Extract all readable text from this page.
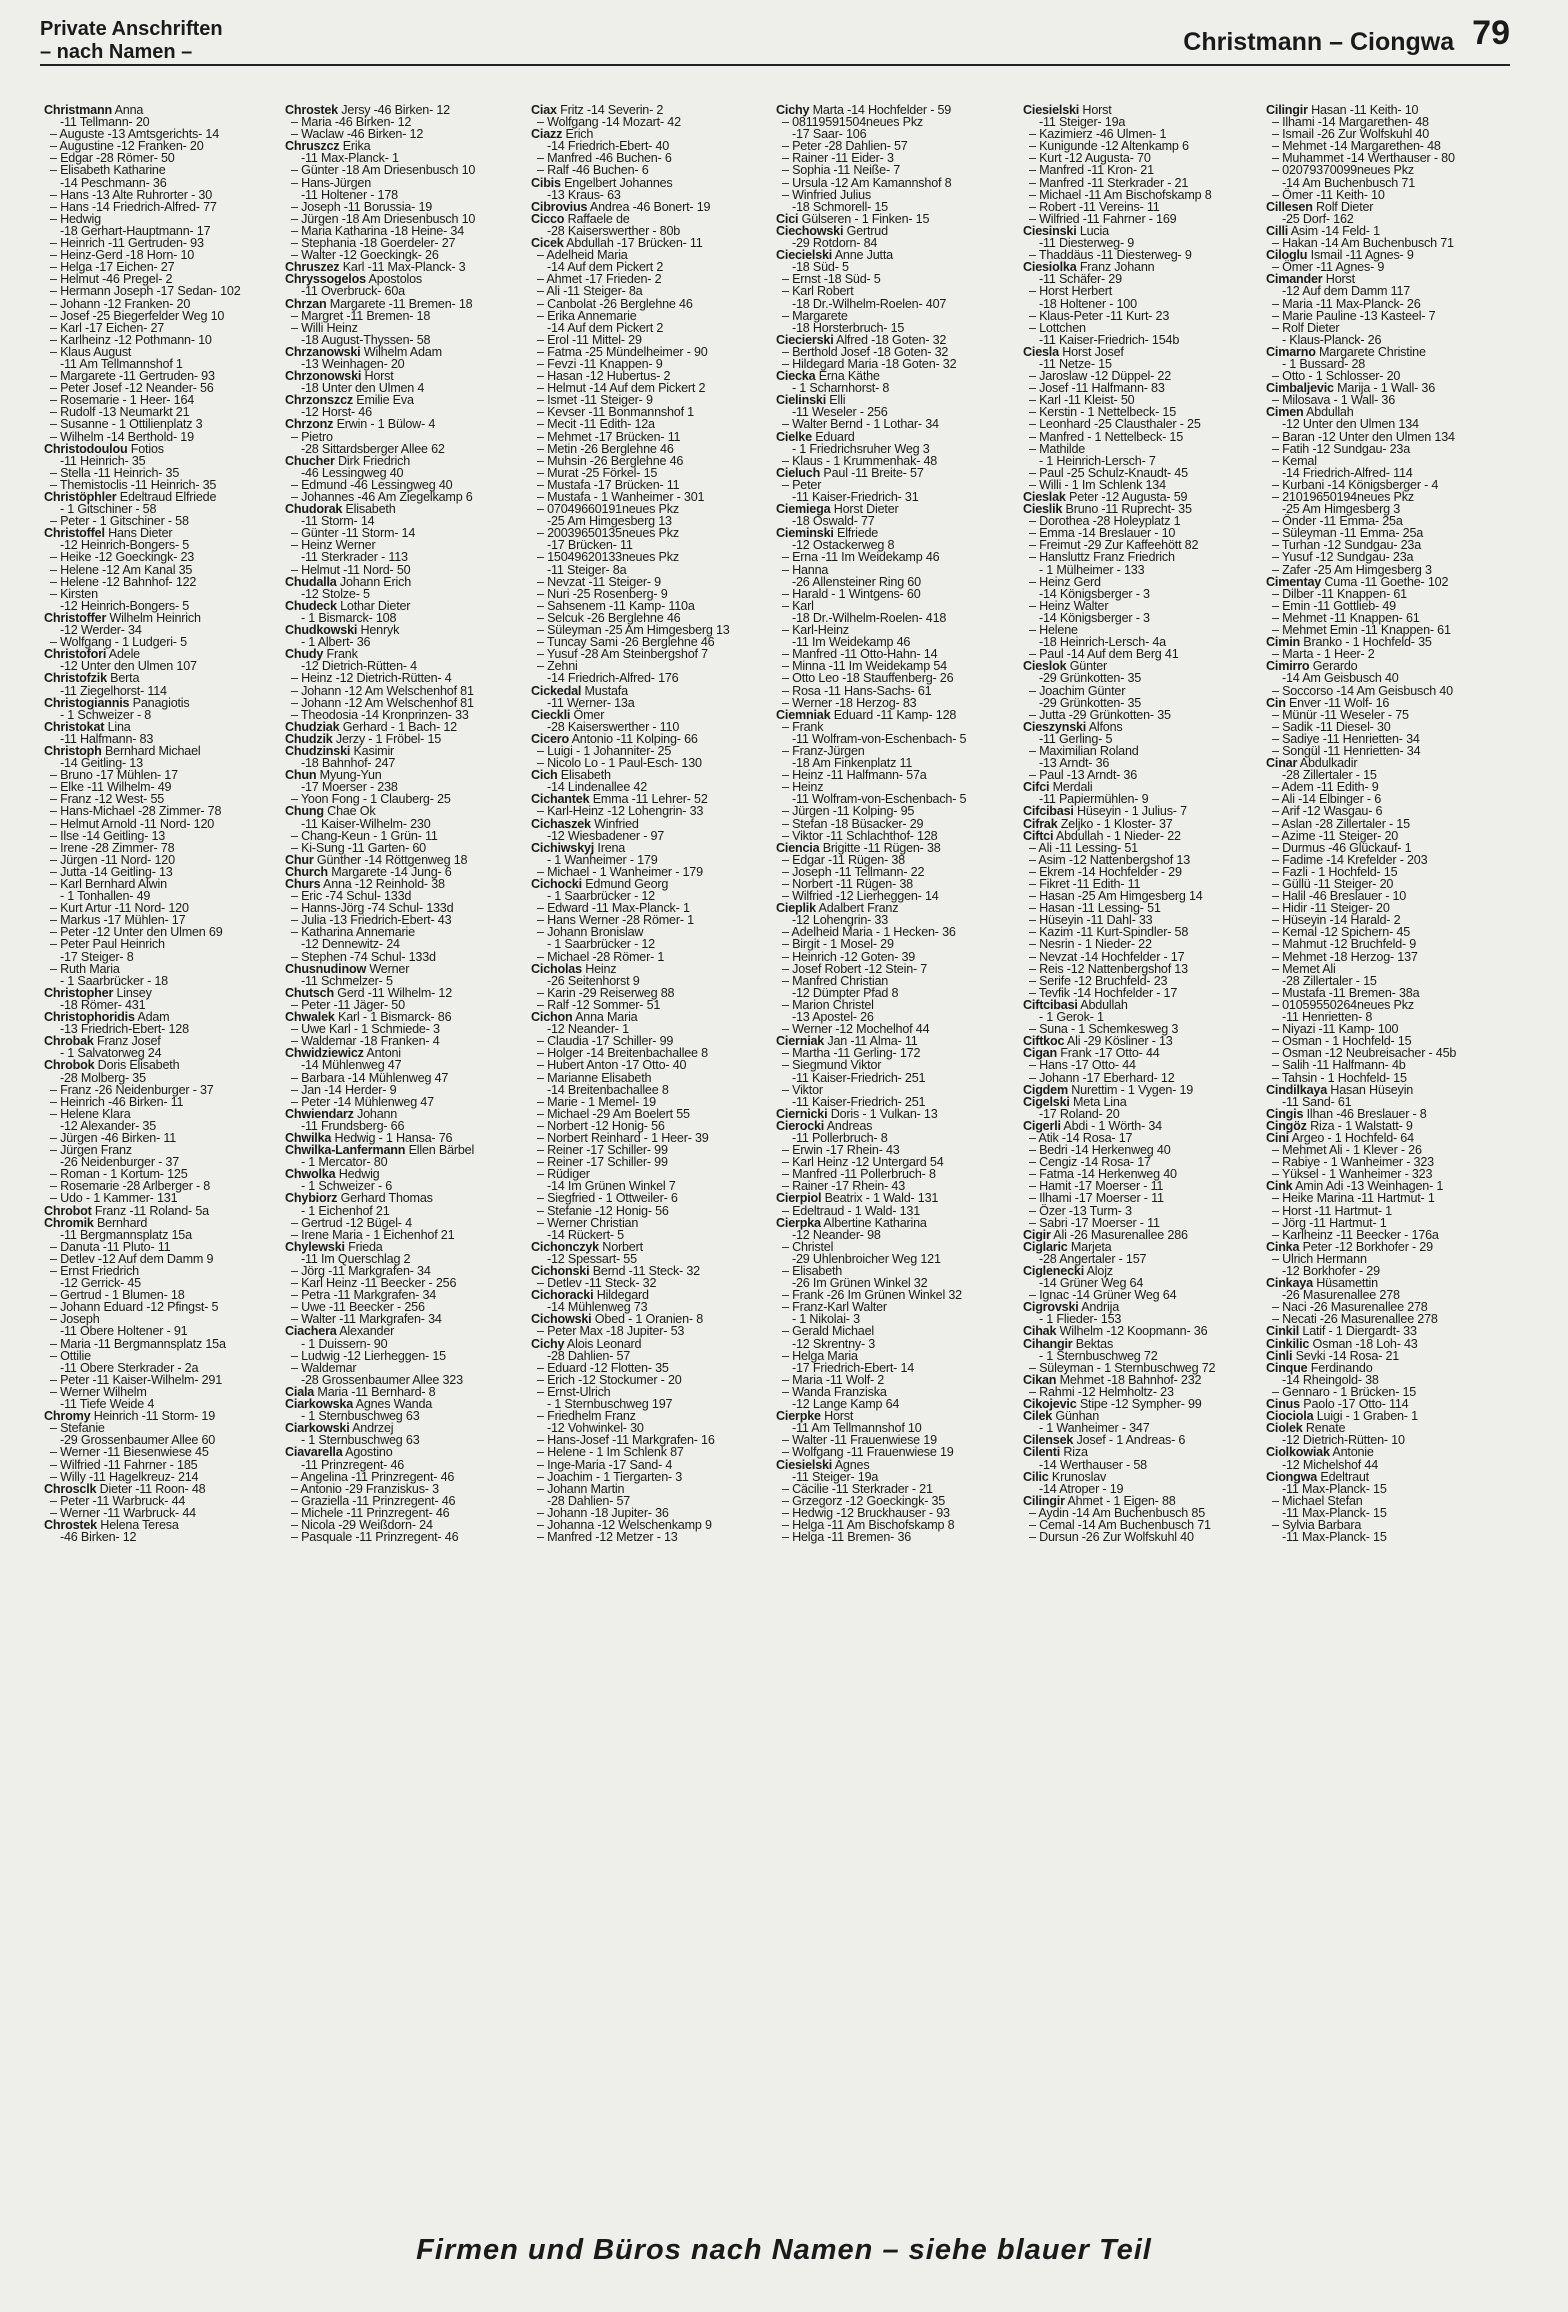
Private Anschriften
– nach Namen –	Christmann – Ciongwa 79
Christmann Anna
-11 Tellmann- 20
– Auguste -13 Amtsgerichts- 14
– Augustine -12 Franken- 20
– Edgar -28 Römer- 50
– Elisabeth Katharine
-14 Peschmann- 36
– Hans -13 Alte Ruhrorter - 30
– Hans -14 Friedrich-Alfred- 77
– Hedwig
-18 Gerhart-Hauptmann- 17
– Heinrich -11 Gertruden- 93
– Heinz-Gerd -18 Horn- 10
– Helga -17 Eichen- 27
– Helmut -46 Pregel- 2
– Hermann Joseph -17 Sedan- 102
– Johann -12 Franken- 20
– Josef -25 Biegerfelder Weg 10
– Karl -17 Eichen- 27
– Karlheinz -12 Pothmann- 10
– Klaus August
-11 Am Tellmannshof 1
– Margarete -11 Gertruden- 93
– Peter Josef -12 Neander- 56
– Rosemarie - 1 Heer- 164
– Rudolf -13 Neumarkt 21
– Susanne - 1 Ottilienplatz 3
– Wilhelm -14 Berthold- 19
Christodoulou Fotios
-11 Heinrich- 35
– Stella -11 Heinrich- 35
– Themistoclis -11 Heinrich- 35
Christöphler Edeltraud Elfriede
- 1 Gitschiner - 58
– Peter - 1 Gitschiner - 58
Christoffel Hans Dieter
-12 Heinrich-Bongers- 5
– Heike -12 Goeckingk- 23
– Helene -12 Am Kanal 35
– Helene -12 Bahnhof- 122
– Kirsten
-12 Heinrich-Bongers- 5
Christoffer Wilhelm Heinrich
-12 Werder- 34
– Wolfgang - 1 Ludgeri- 5
Christofori Adele
-12 Unter den Ulmen 107
Christofzik Berta
-11 Ziegelhorst- 114
Christogiannis Panagiotis
- 1 Schweizer - 8
Christokat Lina
-11 Halfmann- 83
Christoph Bernhard Michael
-14 Geitling- 13
– Bruno -17 Mühlen- 17
– Elke -11 Wilhelm- 49
– Franz -12 West- 55
– Hans-Michael -28 Zimmer- 78
– Helmut Arnold -11 Nord- 120
– Ilse -14 Geitling- 13
– Irene -28 Zimmer- 78
– Jürgen -11 Nord- 120
– Jutta -14 Geitling- 13
– Karl Bernhard Alwin
- 1 Tonhallen- 49
– Kurt Artur -11 Nord- 120
– Markus -17 Mühlen- 17
– Peter -12 Unter den Ulmen 69
– Peter Paul Heinrich
-17 Steiger- 8
– Ruth Maria
- 1 Saarbrücker - 18
Christopher Linsey
-18 Römer- 431
Christophoridis Adam
-13 Friedrich-Ebert- 128
Chrobak Franz Josef
- 1 Salvatorweg 24
Chrobok Doris Elisabeth
-28 Molberg- 35
– Franz -26 Neidenburger - 37
– Heinrich -46 Birken- 11
– Helene Klara
-12 Alexander- 35
– Jürgen -46 Birken- 11
– Jürgen Franz
-26 Neidenburger - 37
– Roman - 1 Kortum- 125
– Rosemarie -28 Arlberger - 8
– Udo - 1 Kammer- 131
Chrobot Franz -11 Roland- 5a
Chromik Bernhard
-11 Bergmannsplatz 15a
– Danuta -11 Pluto- 11
– Detlev -12 Auf dem Damm 9
– Ernst Friedrich
-12 Gerrick- 45
– Gertrud - 1 Blumen- 18
– Johann Eduard -12 Pfingst- 5
– Joseph
-11 Obere Holtener - 91
– Maria -11 Bergmannsplatz 15a
– Ottilie
-11 Obere Sterkrader - 2a
– Peter -11 Kaiser-Wilhelm- 291
– Werner Wilhelm
-11 Tiefe Weide 4
Chromy Heinrich -11 Storm- 19
– Stefanie
-29 Grossenbaumer Allee 60
– Werner -11 Biesenwiese 45
– Wilfried -11 Fahrner - 185
– Willy -11 Hagelkreuz- 214
Chrosclk Dieter -11 Roon- 48
– Peter -11 Warbruck- 44
– Werner -11 Warbruck- 44
Chrostek Helena Teresa
-46 Birken- 12
Chrostek Jersy -46 Birken- 12
– Maria -46 Birken- 12
– Waclaw -46 Birken- 12
Chruszcz Erika
-11 Max-Planck- 1
– Günter -18 Am Driesenbusch 10
– Hans-Jürgen
-11 Holtener - 178
– Joseph -11 Borussia- 19
– Jürgen -18 Am Driesenbusch 10
– Maria Katharina -18 Heine- 34
– Stephania -18 Goerdeler- 27
– Walter -12 Goeckingk- 26
Chruszez Karl -11 Max-Planck- 3
Chryssogelos Apostolos
-11 Overbruck- 60a
Chrzan Margarete -11 Bremen- 18
– Margret -11 Bremen- 18
– Willi Heinz
-18 August-Thyssen- 58
Chrzanowski Wilhelm Adam
-13 Weinhagen- 20
Chrzonowski Horst
-18 Unter den Ulmen 4
Chrzonszcz Emilie Eva
-12 Horst- 46
Chrzonz Erwin - 1 Bülow- 4
– Pietro
-28 Sittardsberger Allee 62
Chucher Dirk Friedrich
-46 Lessingweg 40
– Edmund -46 Lessingweg 40
– Johannes -46 Am Ziegelkamp 6
Chudorak Elisabeth
-11 Storm- 14
– Günter -11 Storm- 14
– Heinz Werner
-11 Sterkrader - 113
– Helmut -11 Nord- 50
Chudalla Johann Erich
-12 Stolze- 5
Chudeck Lothar Dieter
- 1 Bismarck- 108
Chudkowski Henryk
- 1 Albert- 36
Chudy Frank
-12 Dietrich-Rütten- 4
– Heinz -12 Dietrich-Rütten- 4
– Johann -12 Am Welschenhof 81
– Johann -12 Am Welschenhof 81
– Theodosia -14 Kronprinzen- 33
Chudziak Gerhard - 1 Bach- 12
Chudzik Jerzy - 1 Fröbel- 15
Chudzinski Kasimir
-18 Bahnhof- 247
Chun Myung-Yun
-17 Moerser - 238
– Yoon Fong - 1 Clauberg- 25
Chung Chae Ok
-11 Kaiser-Wilhelm- 230
– Chang-Keun - 1 Grün- 11
– Ki-Sung -11 Garten- 60
Chur Günther -14 Röttgenweg 18
Church Margarete -14 Jung- 6
Churs Anna -12 Reinhold- 38
– Eric -74 Schul- 133d
– Hanns-Jörg -74 Schul- 133d
– Julia -13 Friedrich-Ebert- 43
– Katharina Annemarie
-12 Dennewitz- 24
– Stephen -74 Schul- 133d
Chusnudinow Werner
-11 Schmelzer- 5
Chutsch Gerd -11 Wilhelm- 12
– Peter -11 Jäger- 50
Chwalek Karl - 1 Bismarck- 86
– Uwe Karl - 1 Schmiede- 3
– Waldemar -18 Franken- 4
Chwidziewicz Antoni
-14 Mühlenweg 47
– Barbara -14 Mühlenweg 47
– Jan -14 Herder- 9
– Peter -14 Mühlenweg 47
Chwiendarz Johann
-11 Frundsberg- 66
Chwilka Hedwig - 1 Hansa- 76
Chwilka-Lanfermann Ellen Bärbel
- 1 Mercator- 80
Chwolka Hedwig
- 1 Schweizer - 6
Chybiorz Gerhard Thomas
- 1 Eichenhof 21
– Gertrud -12 Bügel- 4
– Irene Maria - 1 Eichenhof 21
Chylewski Frieda
-11 Im Querschlag 2
– Jörg -11 Markgrafen- 34
– Karl Heinz -11 Beecker - 256
– Petra -11 Markgrafen- 34
– Uwe -11 Beecker - 256
– Walter -11 Markgrafen- 34
Ciachera Alexander
- 1 Duissern- 90
– Ludwig -12 Lierheggen- 15
– Waldemar
-28 Grossenbaumer Allee 323
Ciala Maria -11 Bernhard- 8
Ciarkowska Agnes Wanda
- 1 Sternbuschweg 63
Ciarkowski Andrzej
- 1 Sternbuschweg 63
Ciavarella Agostino
-11 Prinzregent- 46
– Angelina -11 Prinzregent- 46
– Antonio -29 Franziskus- 3
– Graziella -11 Prinzregent- 46
– Michele -11 Prinzregent- 46
– Nicola -29 Weißdorn- 24
– Pasquale -11 Prinzregent- 46
Ciax Fritz -14 Severin- 2
– Wolfgang -14 Mozart- 42
Ciazz Erich
-14 Friedrich-Ebert- 40
– Manfred -46 Buchen- 6
– Ralf -46 Buchen- 6
Cibis Engelbert Johannes
-13 Kraus- 63
Cibrovius Andrea -46 Bonert- 19
Cicco Raffaele de
-28 Kaiserswerther - 80b
Cicek Abdullah -17 Brücken- 11
– Adelheid Maria
-14 Auf dem Pickert 2
– Ahmet -17 Frieden- 2
– Ali -11 Steiger- 8a
– Canbolat -26 Berglehne 46
– Erika Annemarie
-14 Auf dem Pickert 2
– Erol -11 Mittel- 29
– Fatma -25 Mündelheimer - 90
– Fevzi -11 Knappen- 9
– Hasan -12 Hubertus- 2
– Helmut -14 Auf dem Pickert 2
– Ismet -11 Steiger- 9
– Kevser -11 Bonmannshof 1
– Mecit -11 Edith- 12a
– Mehmet -17 Brücken- 11
– Metin -26 Berglehne 46
– Muhsin -26 Berglehne 46
– Murat -25 Förkel- 15
– Mustafa -17 Brücken- 11
– Mustafa - 1 Wanheimer - 301
– 07049660191neues Pkz
-25 Am Himgesberg 13
– 20039650135neues Pkz
-17 Brücken- 11
– 15049620133neues Pkz
-11 Steiger- 8a
– Nevzat -11 Steiger- 9
– Nuri -25 Rosenberg- 9
– Sahsenem -11 Kamp- 110a
– Selcuk -26 Berglehne 46
– Süleyman -25 Am Himgesberg 13
– Tuncay Sami -26 Berglehne 46
– Yusuf -28 Am Steinbergshof 7
– Zehni
-14 Friedrich-Alfred- 176
Cickedal Mustafa
-11 Werner- 13a
Cieckli Ömer
-28 Kaiserswerther - 110
Cicero Antonio -11 Kolping- 66
– Luigi - 1 Johanniter- 25
– Nicolo Lo - 1 Paul-Esch- 130
Cich Elisabeth
-14 Lindenallee 42
Cichantek Emma -11 Lehrer- 52
– Karl-Heinz -12 Lohengrin- 33
Cichaszek Winfried
-12 Wiesbadener - 97
Cichiwskyj Irena
- 1 Wanheimer - 179
– Michael - 1 Wanheimer - 179
Cichocki Edmund Georg
- 1 Saarbrücker - 12
– Edward -11 Max-Planck- 1
– Hans Werner -28 Römer- 1
– Johann Bronislaw
- 1 Saarbrücker - 12
– Michael -28 Römer- 1
Cicholas Heinz
-26 Seitenhorst 9
– Karin -29 Reiserweg 88
– Ralf -12 Sommer- 51
Cichon Anna Maria
-12 Neander- 1
– Claudia -17 Schiller- 99
– Holger -14 Breitenbachallee 8
– Hubert Anton -17 Otto- 40
– Marianne Elisabeth
-14 Breitenbachallee 8
– Marie - 1 Memel- 19
– Michael -29 Am Boelert 55
– Norbert -12 Honig- 56
– Norbert Reinhard - 1 Heer- 39
– Reiner -17 Schiller- 99
– Reiner -17 Schiller- 99
– Rüdiger
-14 Im Grünen Winkel 7
– Siegfried - 1 Ottweiler- 6
– Stefanie -12 Honig- 56
– Werner Christian
-14 Rückert- 5
Cichonczyk Norbert
-12 Spessart- 55
Cichonski Bernd -11 Steck- 32
– Detlev -11 Steck- 32
Cichoracki Hildegard
-14 Mühlenweg 73
Cichowski Obed - 1 Oranien- 8
– Peter Max -18 Jupiter- 53
Cichy Alois Leonard
-28 Dahlien- 57
– Eduard -12 Flotten- 35
– Erich -12 Stockumer - 20
– Ernst-Ulrich
- 1 Sternbuschweg 197
– Friedhelm Franz
-12 Vohwinkel- 30
– Hans-Josef -11 Markgrafen- 16
– Helene - 1 Im Schlenk 87
– Inge-Maria -17 Sand- 4
– Joachim - 1 Tiergarten- 3
– Johann Martin
-28 Dahlien- 57
– Johann -18 Jupiter- 36
– Johanna -12 Welschenkamp 9
– Manfred -12 Metzer - 13
Cichy Marta -14 Hochfelder - 59
– 08119591504neues Pkz
-17 Saar- 106
– Peter -28 Dahlien- 57
– Rainer -11 Eider- 3
– Sophia -11 Neiße- 7
– Ursula -12 Am Kamannshof 8
– Winfried Julius
-18 Schmorell- 15
Cici Gülseren - 1 Finken- 15
Ciechowski Gertrud
-29 Rotdorn- 84
Ciecielski Anne Jutta
-18 Süd- 5
– Ernst -18 Süd- 5
– Karl Robert
-18 Dr.-Wilhelm-Roelen- 407
– Margarete
-18 Horsterbruch- 15
Ciecierski Alfred -18 Goten- 32
– Berthold Josef -18 Goten- 32
– Hildegard Maria -18 Goten- 32
Ciecka Erna Käthe
- 1 Scharnhorst- 8
Cielinski Elli
-11 Weseler - 256
– Walter Bernd - 1 Lothar- 34
Cielke Eduard
- 1 Friedrichsruher Weg 3
– Klaus - 1 Krummenhak- 48
Cieluch Paul -11 Breite- 57
– Peter
-11 Kaiser-Friedrich- 31
Ciemiega Horst Dieter
-18 Oswald- 77
Cieminski Elfriede
-12 Ostackerweg 8
– Erna -11 Im Weidekamp 46
– Hanna
-26 Allensteiner Ring 60
– Harald - 1 Wintgens- 60
– Karl
-18 Dr.-Wilhelm-Roelen- 418
– Karl-Heinz
-11 Im Weidekamp 46
– Manfred -11 Otto-Hahn- 14
– Minna -11 Im Weidekamp 54
– Otto Leo -18 Stauffenberg- 26
– Rosa -11 Hans-Sachs- 61
– Werner -18 Herzog- 83
Ciemniak Eduard -11 Kamp- 128
– Frank
-11 Wolfram-von-Eschenbach- 5
– Franz-Jürgen
-18 Am Finkenplatz 11
– Heinz -11 Halfmann- 57a
– Heinz
-11 Wolfram-von-Eschenbach- 5
– Jürgen -11 Kolping- 95
– Stefan -18 Büsacker- 29
– Viktor -11 Schlachthof- 128
Ciencia Brigitte -11 Rügen- 38
– Edgar -11 Rügen- 38
– Joseph -11 Tellmann- 22
– Norbert -11 Rügen- 38
– Wilfried -12 Lierheggen- 14
Cieplik Adalbert Franz
-12 Lohengrin- 33
– Adelheid Maria - 1 Hecken- 36
– Birgit - 1 Mosel- 29
– Heinrich -12 Goten- 39
– Josef Robert -12 Stein- 7
– Manfred Christian
-12 Dümpter Pfad 8
– Marion Christel
-13 Apostel- 26
– Werner -12 Mochelhof 44
Cierniak Jan -11 Alma- 11
– Martha -11 Gerling- 172
– Siegmund Viktor
-11 Kaiser-Friedrich- 251
– Viktor
-11 Kaiser-Friedrich- 251
Ciernicki Doris - 1 Vulkan- 13
Cierocki Andreas
-11 Pollerbruch- 8
– Erwin -17 Rhein- 43
– Karl Heinz -12 Untergard 54
– Manfred -11 Pollerbruch- 8
– Rainer -17 Rhein- 43
Cierpiol Beatrix - 1 Wald- 131
– Edeltraud - 1 Wald- 131
Cierpka Albertine Katharina
-12 Neander- 98
– Christel
-29 Uhlenbroicher Weg 121
– Elisabeth
-26 Im Grünen Winkel 32
– Frank -26 Im Grünen Winkel 32
– Franz-Karl Walter
- 1 Nikolai- 3
– Gerald Michael
-12 Skrentny- 3
– Helga Maria
-17 Friedrich-Ebert- 14
– Maria -11 Wolf- 2
– Wanda Franziska
-12 Lange Kamp 64
Cierpke Horst
-11 Am Tellmannshof 10
– Walter -11 Frauenwiese 19
– Wolfgang -11 Frauenwiese 19
Ciesielski Agnes
-11 Steiger- 19a
– Cäcilie -11 Sterkrader - 21
– Grzegorz -12 Goeckingk- 35
– Hedwig -12 Bruckhauser - 93
– Helga -11 Am Bischofskamp 8
– Helga -11 Bremen- 36
Ciesielski Horst
-11 Steiger- 19a
– Kazimierz -46 Ulmen- 1
– Kunigunde -12 Altenkamp 6
– Kurt -12 Augusta- 70
– Manfred -11 Kron- 21
– Manfred -11 Sterkrader - 21
– Michael -11 Am Bischofskamp 8
– Robert -11 Vereins- 11
– Wilfried -11 Fahrner - 169
Ciesinski Lucia
-11 Diesterweg- 9
– Thaddäus -11 Diesterweg- 9
Ciesiolka Franz Johann
-11 Schäfer- 29
– Horst Herbert
-18 Holtener - 100
– Klaus-Peter -11 Kurt- 23
– Lottchen
-11 Kaiser-Friedrich- 154b
Ciesla Horst Josef
-11 Netze- 15
– Jaroslaw -12 Düppel- 22
– Josef -11 Halfmann- 83
– Karl -11 Kleist- 50
– Kerstin - 1 Nettelbeck- 15
– Leonhard -25 Clausthaler - 25
– Manfred - 1 Nettelbeck- 15
– Mathilde
- 1 Heinrich-Lersch- 7
– Paul -25 Schulz-Knaudt- 45
– Willi - 1 Im Schlenk 134
Cieslak Peter -12 Augusta- 59
Cieslik Bruno -11 Ruprecht- 35
– Dorothea -28 Holeyplatz 1
– Emma -14 Breslauer - 10
– Freimut -29 Zur Kaffeehött 82
– Hansluttz Franz Friedrich
- 1 Mülheimer - 133
– Heinz Gerd
-14 Königsberger - 3
– Heinz Walter
-14 Königsberger - 3
– Helene
-18 Heinrich-Lersch- 4a
– Paul -14 Auf dem Berg 41
Cieslok Günter
-29 Grünkotten- 35
– Joachim Günter
-29 Grünkotten- 35
– Jutta -29 Grünkotten- 35
Cieszynski Alfons
-11 Gerling- 5
– Maximilian Roland
-13 Arndt- 36
– Paul -13 Arndt- 36
Cifci Merdali
-11 Papiermühlen- 9
Cifcibasi Hüseyin - 1 Julius- 7
Cifrak Zeljko - 1 Kloster- 37
Ciftci Abdullah - 1 Nieder- 22
– Ali -11 Lessing- 51
– Asim -12 Nattenbergshof 13
– Ekrem -14 Hochfelder - 29
– Fikret -11 Edith- 11
– Hasan -25 Am Himgesberg 14
– Hasan -11 Lessing- 51
– Hüseyin -11 Dahl- 33
– Kazim -11 Kurt-Spindler- 58
– Nesrin - 1 Nieder- 22
– Nevzat -14 Hochfelder - 17
– Reis -12 Nattenbergshof 13
– Serife -12 Bruchfeld- 23
– Tevfik -14 Hochfelder - 17
Ciftcibasi Abdullah
- 1 Gerok- 1
– Suna - 1 Schemkesweg 3
Ciftkoc Ali -29 Kösliner - 13
Cigan Frank -17 Otto- 44
– Hans -17 Otto- 44
– Johann -17 Eberhard- 12
Cigdem Nurettim - 1 Vygen- 19
Cigelski Meta Lina
-17 Roland- 20
Cigerli Abdi - 1 Wörth- 34
– Atik -14 Rosa- 17
– Bedri -14 Herkenweg 40
– Cengiz -14 Rosa- 17
– Fatma -14 Herkenweg 40
– Hamit -17 Moerser - 11
– Ilhami -17 Moerser - 11
– Özer -13 Turm- 3
– Sabri -17 Moerser - 11
Cigir Ali -26 Masurenallee 286
Ciglaric Marjeta
-28 Angertaler - 157
Ciglenecki Alojz
-14 Grüner Weg 64
– Ignac -14 Grüner Weg 64
Cigrovski Andrija
- 1 Flieder- 153
Cihak Wilhelm -12 Koopmann- 36
Cihangir Bektas
- 1 Sternbuschweg 72
– Süleyman - 1 Sternbuschweg 72
Cikan Mehmet -18 Bahnhof- 232
– Rahmi -12 Helmholtz- 23
Cikojevic Stipe -12 Sympher- 99
Cilek Günhan
- 1 Wanheimer - 347
Cilensek Josef - 1 Andreas- 6
Cilenti Riza
-14 Werthauser - 58
Cilic Krunoslav
-14 Atroper - 19
Cilingir Ahmet - 1 Eigen- 88
– Aydin -14 Am Buchenbusch 85
– Cemal -14 Am Buchenbusch 71
– Dursun -26 Zur Wolfskuhl 40
Cilingir Hasan -11 Keith- 10
– Ilhami -14 Margarethen- 48
– Ismail -26 Zur Wolfskuhl 40
– Mehmet -14 Margarethen- 48
– Muhammet -14 Werthauser - 80
– 02079370099neues Pkz
-14 Am Buchenbusch 71
– Ömer -11 Keith- 10
Cillesen Rolf Dieter
-25 Dorf- 162
Cilli Asim -14 Feld- 1
– Hakan -14 Am Buchenbusch 71
Ciloglu Ismail -11 Agnes- 9
– Ömer -11 Agnes- 9
Cimander Horst
-12 Auf dem Damm 117
– Maria -11 Max-Planck- 26
– Marie Pauline -13 Kasteel- 7
– Rolf Dieter
- Klaus-Planck- 26
Cimarno Margarete Christine
- 1 Bussard- 28
– Otto - 1 Schlosser- 20
Cimbaljevic Marija - 1 Wall- 36
– Milosava - 1 Wall- 36
Cimen Abdullah
-12 Unter den Ulmen 134
– Baran -12 Unter den Ulmen 134
– Fatih -12 Sundgau- 23a
– Kemal
-14 Friedrich-Alfred- 114
– Kurbani -14 Königsberger - 4
– 21019650194neues Pkz
-25 Am Himgesberg 3
– Önder -11 Emma- 25a
– Süleyman -11 Emma- 25a
– Turhan -12 Sundgau- 23a
– Yusuf -12 Sundgau- 23a
– Zafer -25 Am Himgesberg 3
Cimentay Cuma -11 Goethe- 102
– Dilber -11 Knappen- 61
– Emin -11 Gottlieb- 49
– Mehmet -11 Knappen- 61
– Mehmet Emin -11 Knappen- 61
Cimin Branko - 1 Hochfeld- 35
– Marta - 1 Heer- 2
Cimirro Gerardo
-14 Am Geisbusch 40
– Soccorso -14 Am Geisbusch 40
Cin Enver -11 Wolf- 16
– Münür -11 Weseler - 75
– Sadik -11 Diesel- 30
– Sadiye -11 Henrietten- 34
– Songül -11 Henrietten- 34
Cinar Abdulkadir
-28 Zillertaler - 15
– Adem -11 Edith- 9
– Ali -14 Elbinger - 6
– Arif -12 Wasgau- 6
– Aslan -28 Zillertaler - 15
– Azime -11 Steiger- 20
– Durmus -46 Glückauf- 1
– Fadime -14 Krefelder - 203
– Fazli - 1 Hochfeld- 15
– Güllü -11 Steiger- 20
– Halil -46 Breslauer - 10
– Hidir -11 Steiger- 20
– Hüseyin -14 Harald- 2
– Kemal -12 Spichern- 45
– Mahmut -12 Bruchfeld- 9
– Mehmet -18 Herzog- 137
– Memet Ali
-28 Zillertaler - 15
– Mustafa -11 Bremen- 38a
– 01059550264neues Pkz
-11 Henrietten- 8
– Niyazi -11 Kamp- 100
– Osman - 1 Hochfeld- 15
– Osman -12 Neubreisacher - 45b
– Salih -11 Halfmann- 4b
– Tahsin - 1 Hochfeld- 15
Cindilkaya Hasan Hüseyin
-11 Sand- 61
Cingis Ilhan -46 Breslauer - 8
Cingöz Riza - 1 Walstatt- 9
Cini Argeo - 1 Hochfeld- 64
– Mehmet Ali - 1 Klever - 26
– Rabiye - 1 Wanheimer - 323
– Yüksel - 1 Wanheimer - 323
Cink Amin Adi -13 Weinhagen- 1
– Heike Marina -11 Hartmut- 1
– Horst -11 Hartmut- 1
– Jörg -11 Hartmut- 1
– Karlheinz -11 Beecker - 176a
Cinka Peter -12 Borkhofer - 29
– Ulrich Hermann
-12 Borkhofer - 29
Cinkaya Hüsamettin
-26 Masurenallee 278
– Naci -26 Masurenallee 278
– Necati -26 Masurenallee 278
Cinkil Latif - 1 Diergardt- 33
Cinkilic Osman -18 Loh- 43
Cinli Sevki -14 Rosa- 21
Cinque Ferdinando
-14 Rheingold- 38
– Gennaro - 1 Brücken- 15
Cinus Paolo -17 Otto- 114
Ciociola Luigi - 1 Graben- 1
Ciolek Renate
-12 Dietrich-Rütten- 10
Ciolkowiak Antonie
-12 Michelshof 44
Ciongwa Edeltraut
-11 Max-Planck- 15
– Michael Stefan
-11 Max-Planck- 15
– Sylvia Barbara
-11 Max-Planck- 15
Firmen und Büros nach Namen – siehe blauer Teil
